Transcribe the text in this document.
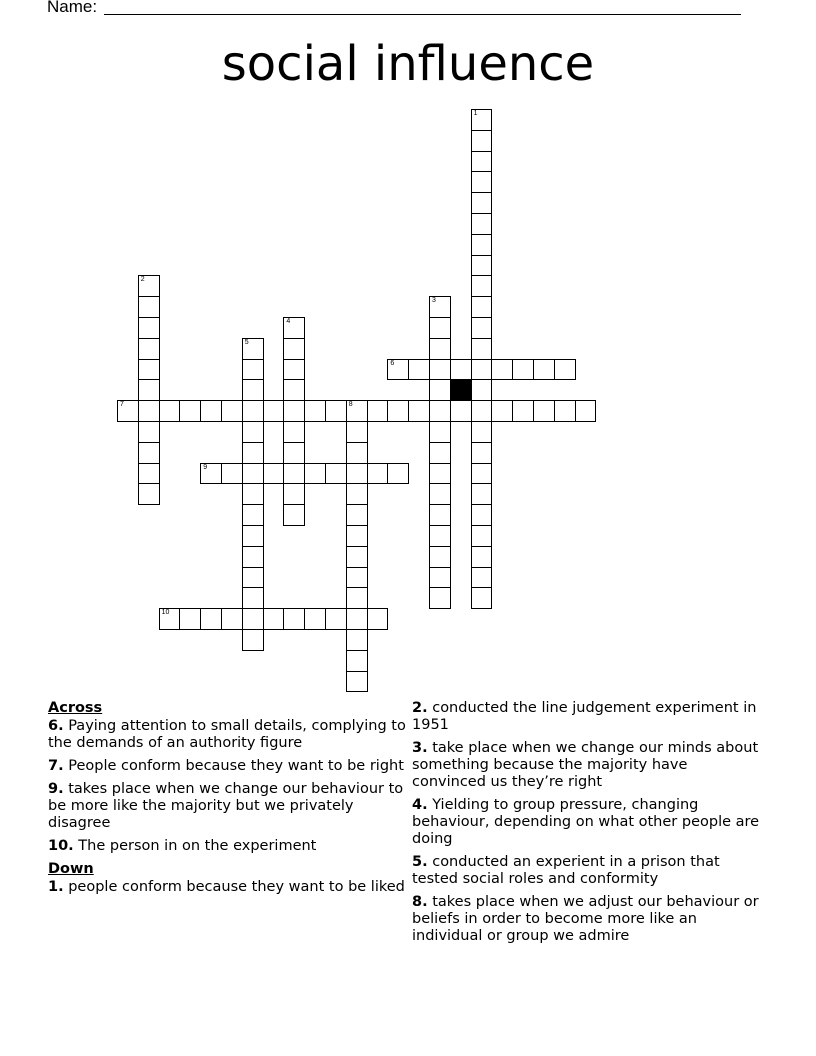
Name:
social influence
1
2
3
4
5
6
7	8
9
10
Across
6. Paying attention to small details, complying to the demands of an authority figure
7. People conform because they want to be right
9. takes place when we change our behaviour to be more like the majority but we privately disagree
10. The person in on the experiment
Down
1. people conform because they want to be liked
2. conducted the line judgement experiment in 1951
3. take place when we change our minds about something because the majority have convinced us they’re right
4. Yielding to group pressure, changing behaviour, depending on what other people are doing
5. conducted an experient in a prison that tested social roles and conformity
8. takes place when we adjust our behaviour or beliefs in order to become more like an individual or group we admire
